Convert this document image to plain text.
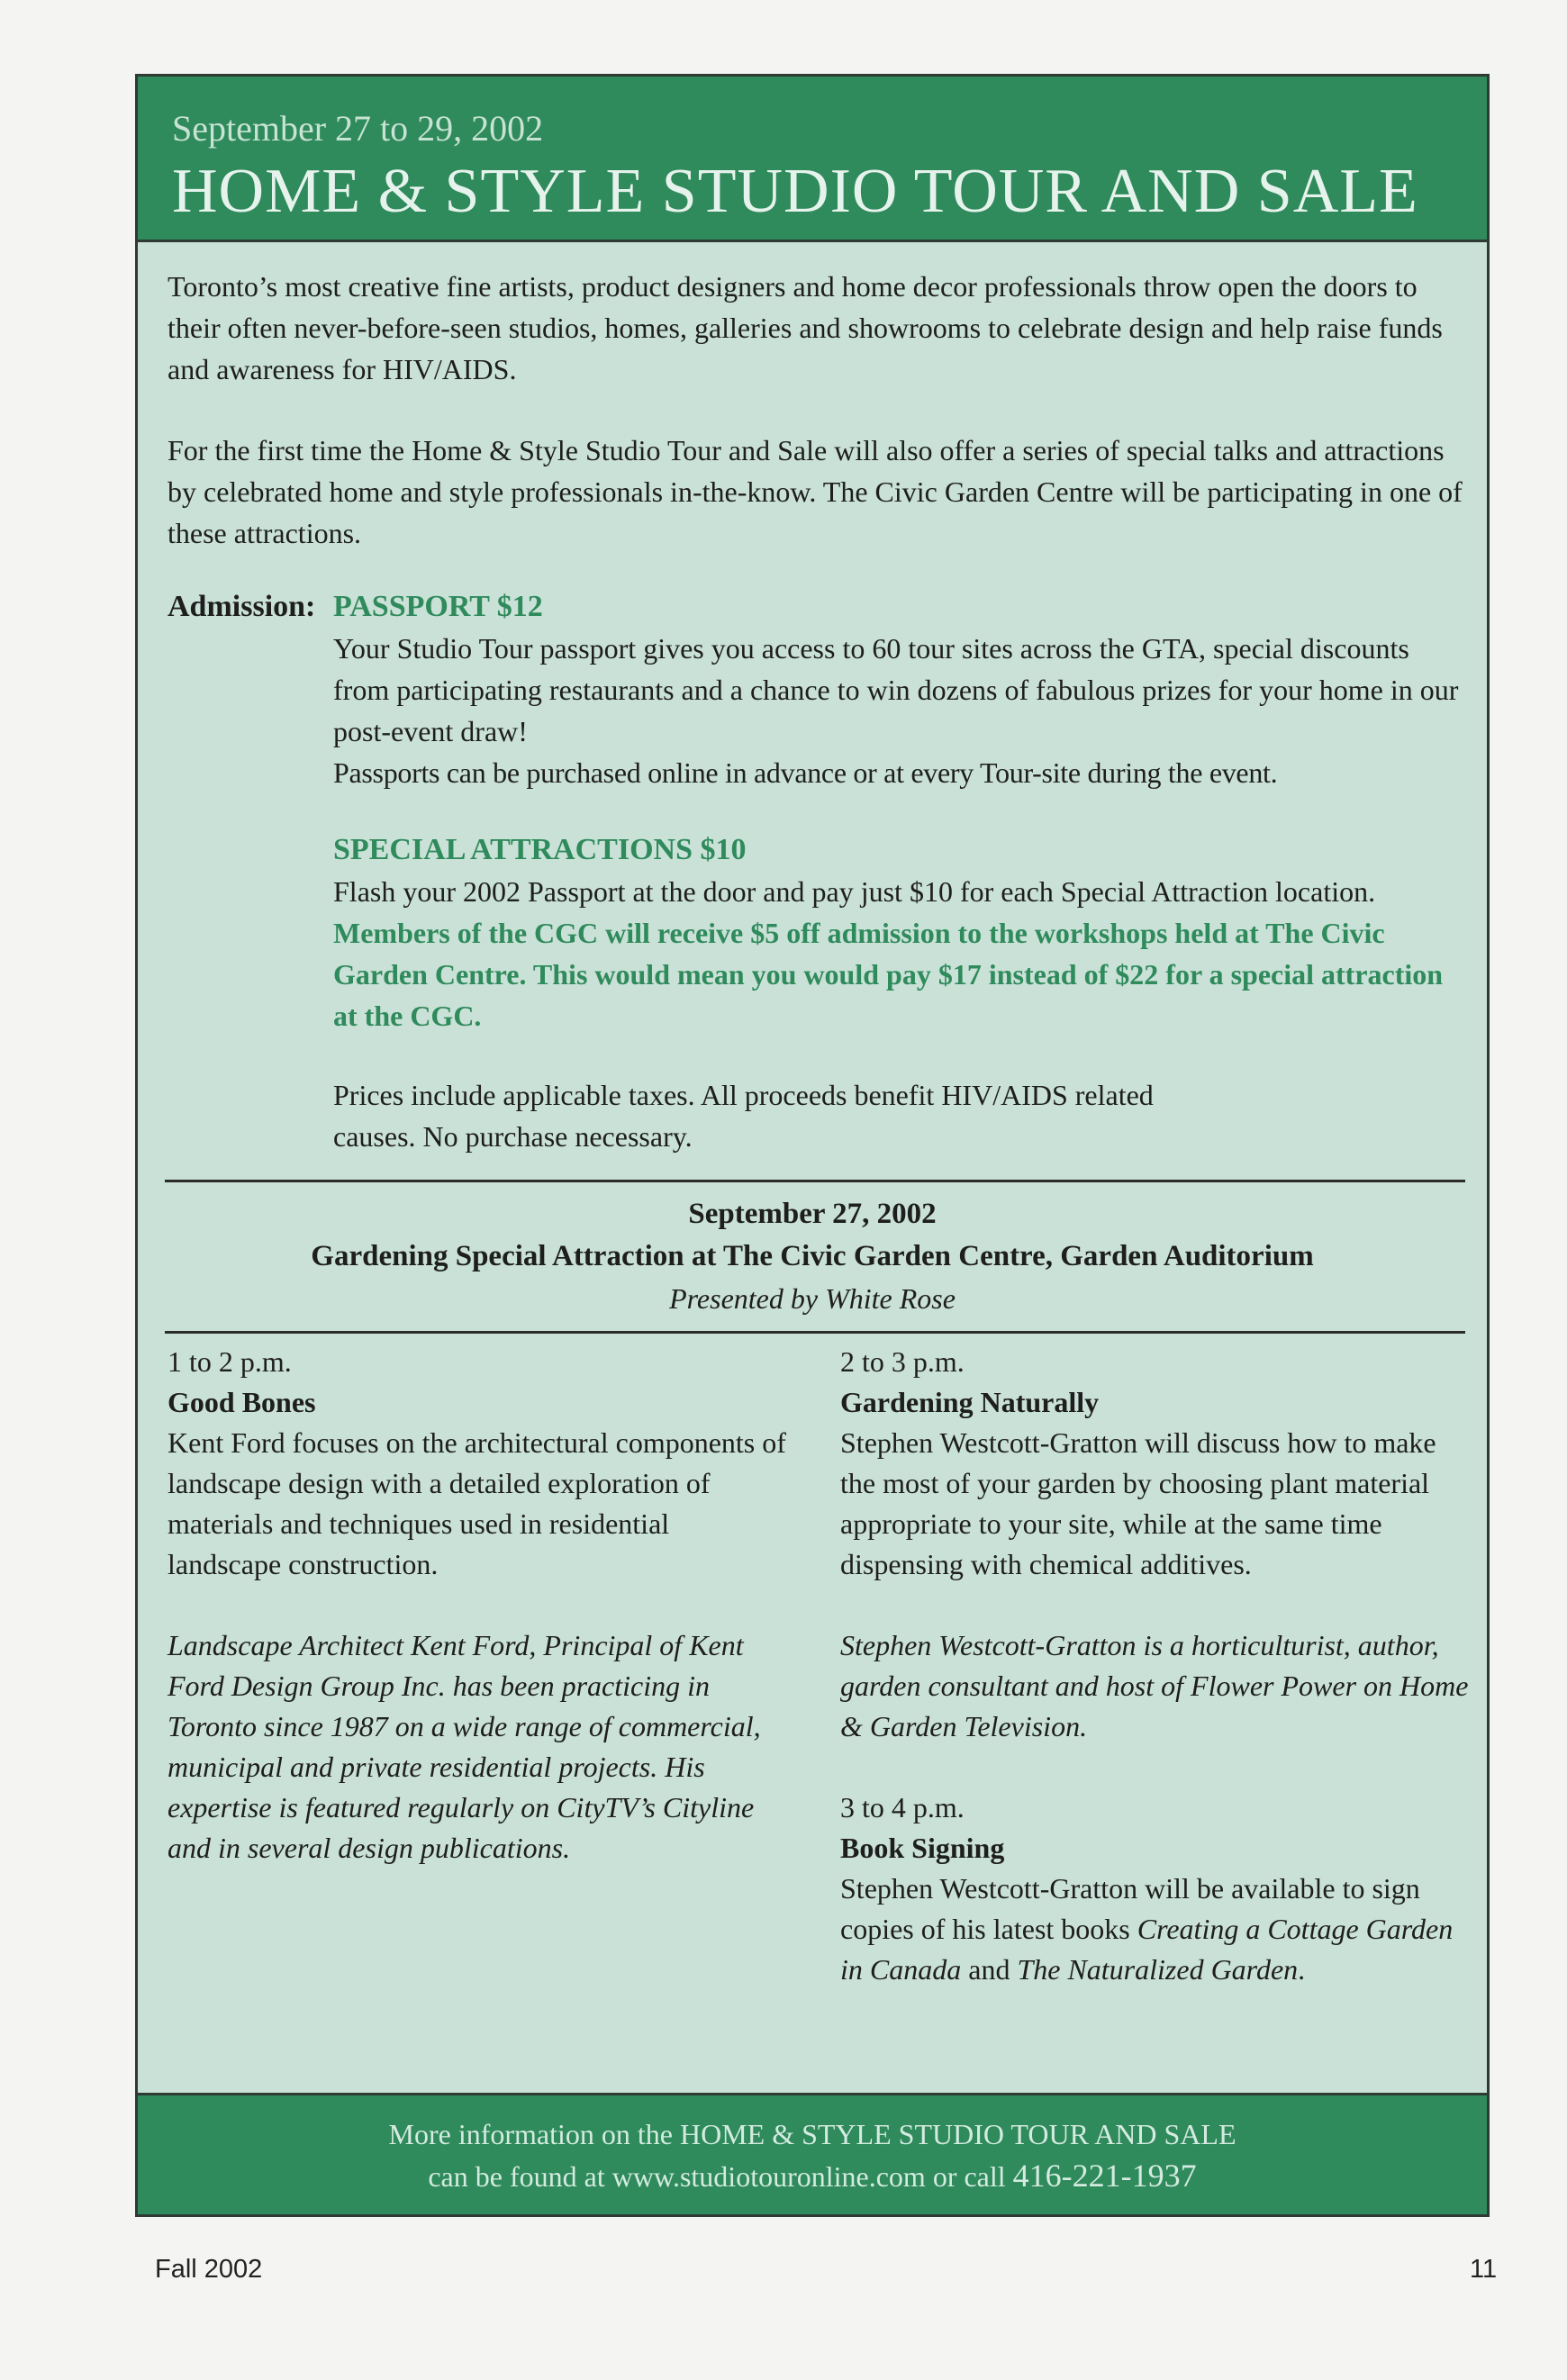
September 27 to 29, 2002
HOME & STYLE STUDIO TOUR AND SALE

Toronto’s most creative fine artists, product designers and home decor professionals throw open the doors to their often never-before-seen studios, homes, galleries and showrooms to celebrate design and help raise funds and awareness for HIV/AIDS.

For the first time the Home & Style Studio Tour and Sale will also offer a series of special talks and attractions by celebrated home and style professionals in-the-know. The Civic Garden Centre will be participating in one of these attractions.

Admission: PASSPORT $12

Your Studio Tour passport gives you access to 60 tour sites across the GTA, special discounts from participating restaurants and a chance to win dozens of fabulous prizes for your home in our post-event draw!

Passports can be purchased online in advance or at every Tour-site during the event.

SPECIAL ATTRACTIONS $10

Flash your 2002 Passport at the door and pay just $10 for each Special Attraction location. Members of the CGC will receive $5 off admission to the workshops held at The Civic Garden Centre. This would mean you would pay $17 instead of $22 for a special attraction at the CGC.

Prices include applicable taxes. All proceeds benefit HIV/AIDS related causes. No purchase necessary.
September 27, 2002
Gardening Special Attraction at The Civic Garden Centre, Garden Auditorium
Presented by White Rose

1 to 2 p.m.

Good Bones

Kent Ford focuses on the architectural components of landscape design with a detailed exploration of materials and techniques used in residential landscape construction.

Landscape Architect Kent Ford, Principal of Kent Ford Design Group Inc. has been practicing in Toronto since 1987 on a wide range of commercial, municipal and private residential projects. His expertise is featured regularly on CityTV’s Cityline and in several design publications.

2 to 3 p.m.

Gardening Naturally

Stephen Westcott-Gratton will discuss how to make the most of your garden by choosing plant material appropriate to your site, while at the same time dispensing with chemical additives.

Stephen Westcott-Gratton is a horticulturist, author, garden consultant and host of Flower Power on Home & Garden Television.

3 to 4 p.m.

Book Signing

Stephen Westcott-Gratton will be available to sign copies of his latest books Creating a Cottage Garden in Canada and The Naturalized Garden.

More information on the HOME & STYLE STUDIO TOUR AND SALE
can be found at www.studiotouronline.com or call 416-221-1937
Fall 2002	11
